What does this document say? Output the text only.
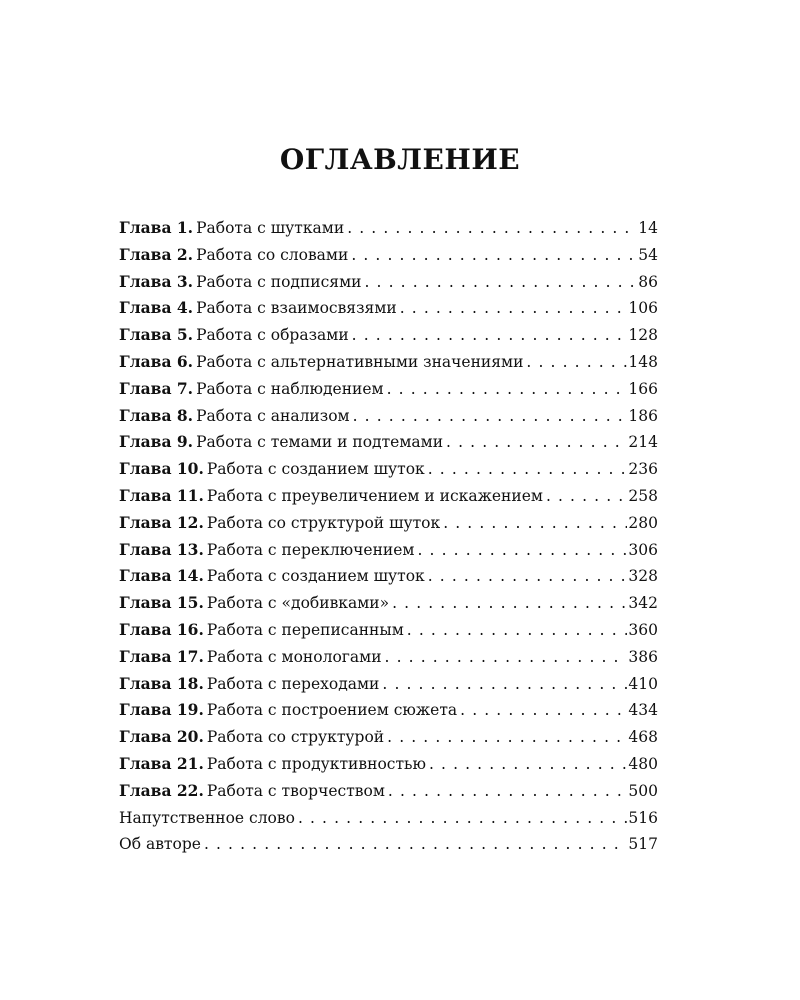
ОГЛАВЛЕНИЕ
Глава 1. Работа с шутками . . .	14
Глава 2. Работа со словами . . .	54
Глава 3. Работа с подписями . . .	86
Глава 4. Работа с взаимосвязями . . .	106
Глава 5. Работа с образами . . .	128
Глава 6. Работа с альтернативными значениями . . .	148
Глава 7. Работа с наблюдением . . .	166
Глава 8. Работа с анализом . . .	186
Глава 9. Работа с темами и подтемами . . .	214
Глава 10. Работа с созданием шуток . . .	236
Глава 11. Работа с преувеличением и искажением . . .	258
Глава 12. Работа со структурой шуток . . .	280
Глава 13. Работа с переключением . . .	306
Глава 14. Работа с созданием шуток . . .	328
Глава 15. Работа с «добивками» . . .	342
Глава 16. Работа с переписанным . . .	360
Глава 17. Работа с монологами . . .	386
Глава 18. Работа с переходами . . .	410
Глава 19. Работа с построением сюжета . . .	434
Глава 20. Работа со структурой . . .	468
Глава 21. Работа с продуктивностью . . .	480
Глава 22. Работа с творчеством . . .	500
Напутственное слово . . .	516
Об авторе . . .	517
